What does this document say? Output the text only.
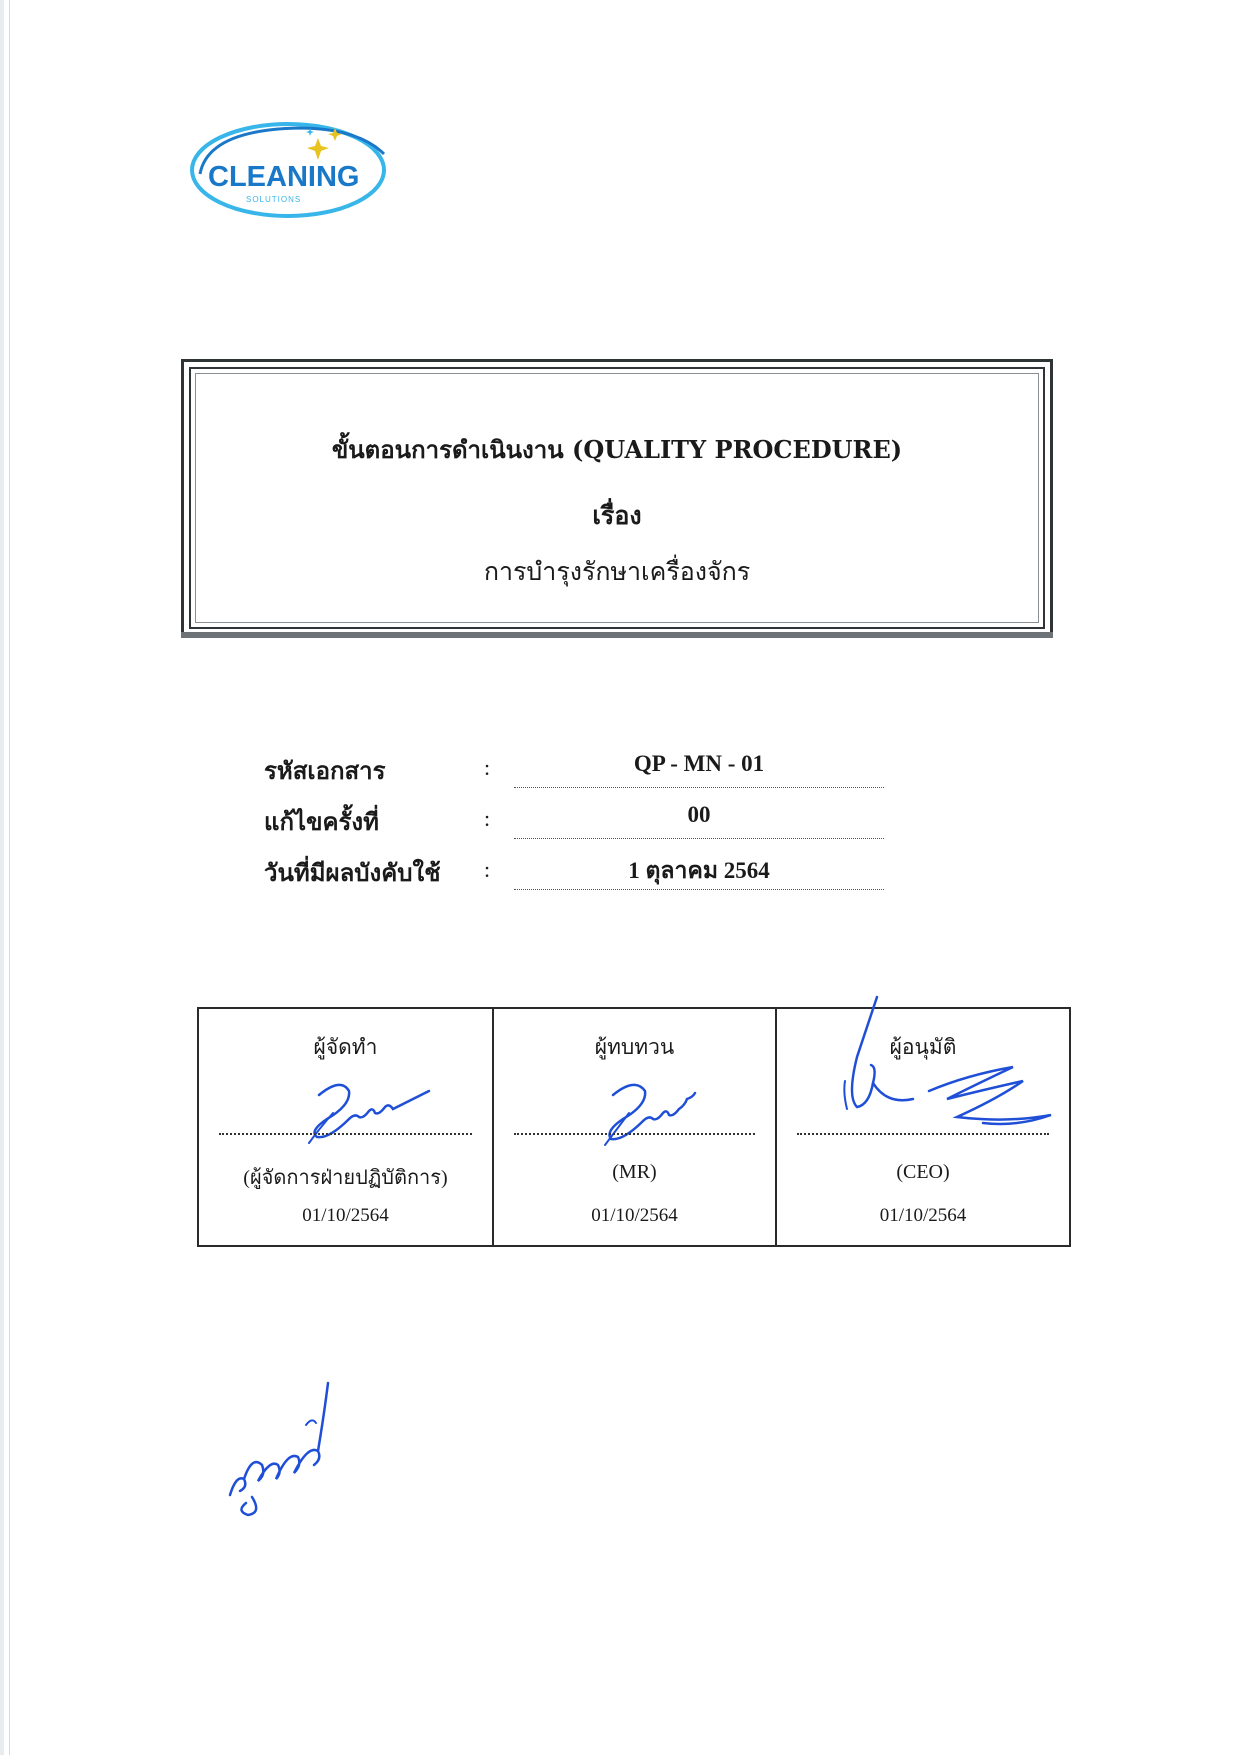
CLEANING
SOLUTIONS
ขั้นตอนการดำเนินงาน (QUALITY PROCEDURE)
เรื่อง
การบำรุงรักษาเครื่องจักร
รหัสเอกสาร	:	QP - MN - 01
แก้ไขครั้งที่	:	00
วันที่มีผลบังคับใช้ :	1 ตุลาคม 2564
ผู้จัดทำ
(ผู้จัดการฝ่ายปฏิบัติการ)
01/10/2564
ผู้ทบทวน
(MR)
01/10/2564
ผู้อนุมัติ
(CEO)
01/10/2564
